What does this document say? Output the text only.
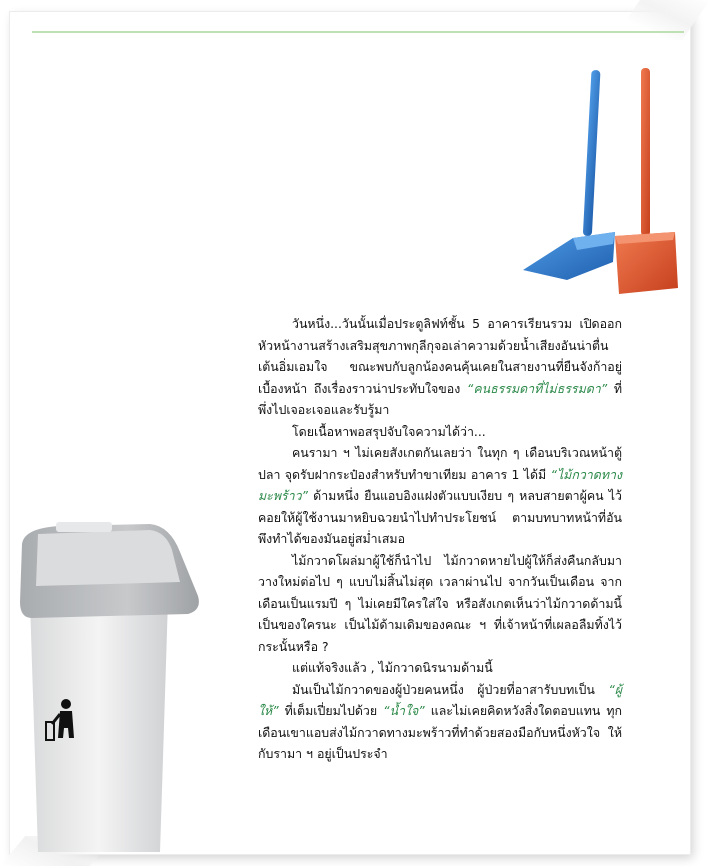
วันหนึ่ง...วันนั้นเมื่อประตูลิฟท์ชั้น 5 อาคารเรียนรวม เปิดออก หัวหน้างานสร้างเสริมสุขภาพกุลีกุจอเล่าความด้วยน้ำเสียงอันน่าตื่นเต้นอิ่มเอมใจ ขณะพบกับลูกน้องคนคุ้นเคยในสายงานที่ยืนจังก้าอยู่เบื้องหน้า ถึงเรื่องราวน่าประทับใจของ “คนธรรมดาที่ไม่ธรรมดา” ที่พึ่งไปเจอะเจอและรับรู้มา

โดยเนื้อหาพอสรุปจับใจความได้ว่า...

คนรามา ฯ ไม่เคยสังเกตกันเลยว่า ในทุก ๆ เดือนบริเวณหน้าตู้ปลา จุดรับฝากระป๋องสำหรับทำขาเทียม อาคาร 1 ได้มี “ไม้กวาดทางมะพร้าว” ด้ามหนึ่ง ยืนแอบอิงแฝงตัวแบบเงียบ ๆ หลบสายตาผู้คน ไว้คอยให้ผู้ใช้งานมาหยิบฉวยนำไปทำประโยชน์ ตามบทบาทหน้าที่อันพึงทำได้ของมันอยู่สม่ำเสมอ

ไม้กวาดโผล่มาผู้ใช้ก็นำไป ไม้กวาดหายไปผู้ให้ก็ส่งคืนกลับมาวางใหม่ต่อไป ๆ แบบไม่สิ้นไม่สุด เวลาผ่านไป จากวันเป็นเดือน จากเดือนเป็นแรมปี ๆ ไม่เคยมีใครใส่ใจ หรือสังเกตเห็นว่าไม้กวาดด้ามนี้เป็นของใครนะ เป็นไม้ด้ามเดิมของคณะ ฯ ที่เจ้าหน้าที่เผลอลืมทิ้งไว้กระนั้นหรือ ?

แต่แท้จริงแล้ว , ไม้กวาดนิรนามด้ามนี้

มันเป็นไม้กวาดของผู้ป่วยคนหนึ่ง ผู้ป่วยที่อาสารับบทเป็น “ผู้ให้” ที่เต็มเปี่ยมไปด้วย “น้ำใจ” และไม่เคยคิดหวังสิ่งใดตอบแทน ทุกเดือนเขาแอบส่งไม้กวาดทางมะพร้าวที่ทำด้วยสองมือกับหนึ่งหัวใจ ให้กับรามา ฯ อยู่เป็นประจำ
